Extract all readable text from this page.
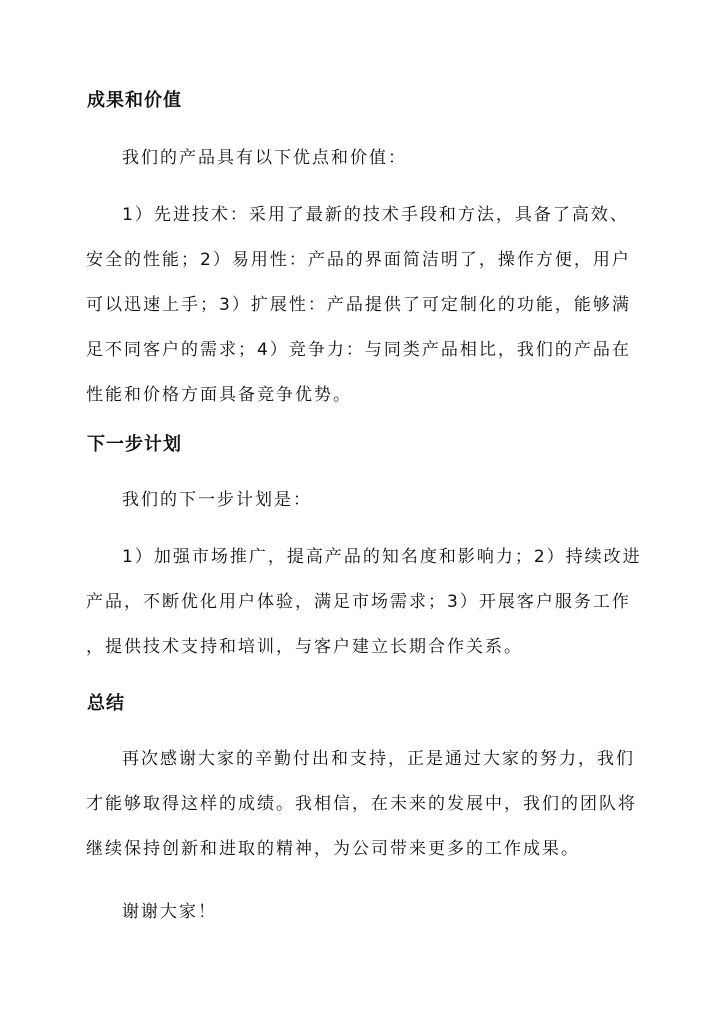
成果和价值
我们的产品具有以下优点和价值：
1）先进技术：采用了最新的技术手段和方法，具备了高效、
安全的性能；2）易用性：产品的界面简洁明了，操作方便，用户
可以迅速上手；3）扩展性：产品提供了可定制化的功能，能够满
足不同客户的需求；4）竞争力：与同类产品相比，我们的产品在
性能和价格方面具备竞争优势。
下一步计划
我们的下一步计划是：
1）加强市场推广，提高产品的知名度和影响力；2）持续改进
产品，不断优化用户体验，满足市场需求；3）开展客户服务工作
，提供技术支持和培训，与客户建立长期合作关系。
总结
再次感谢大家的辛勤付出和支持，正是通过大家的努力，我们
才能够取得这样的成绩。我相信，在未来的发展中，我们的团队将
继续保持创新和进取的精神，为公司带来更多的工作成果。
谢谢大家！
